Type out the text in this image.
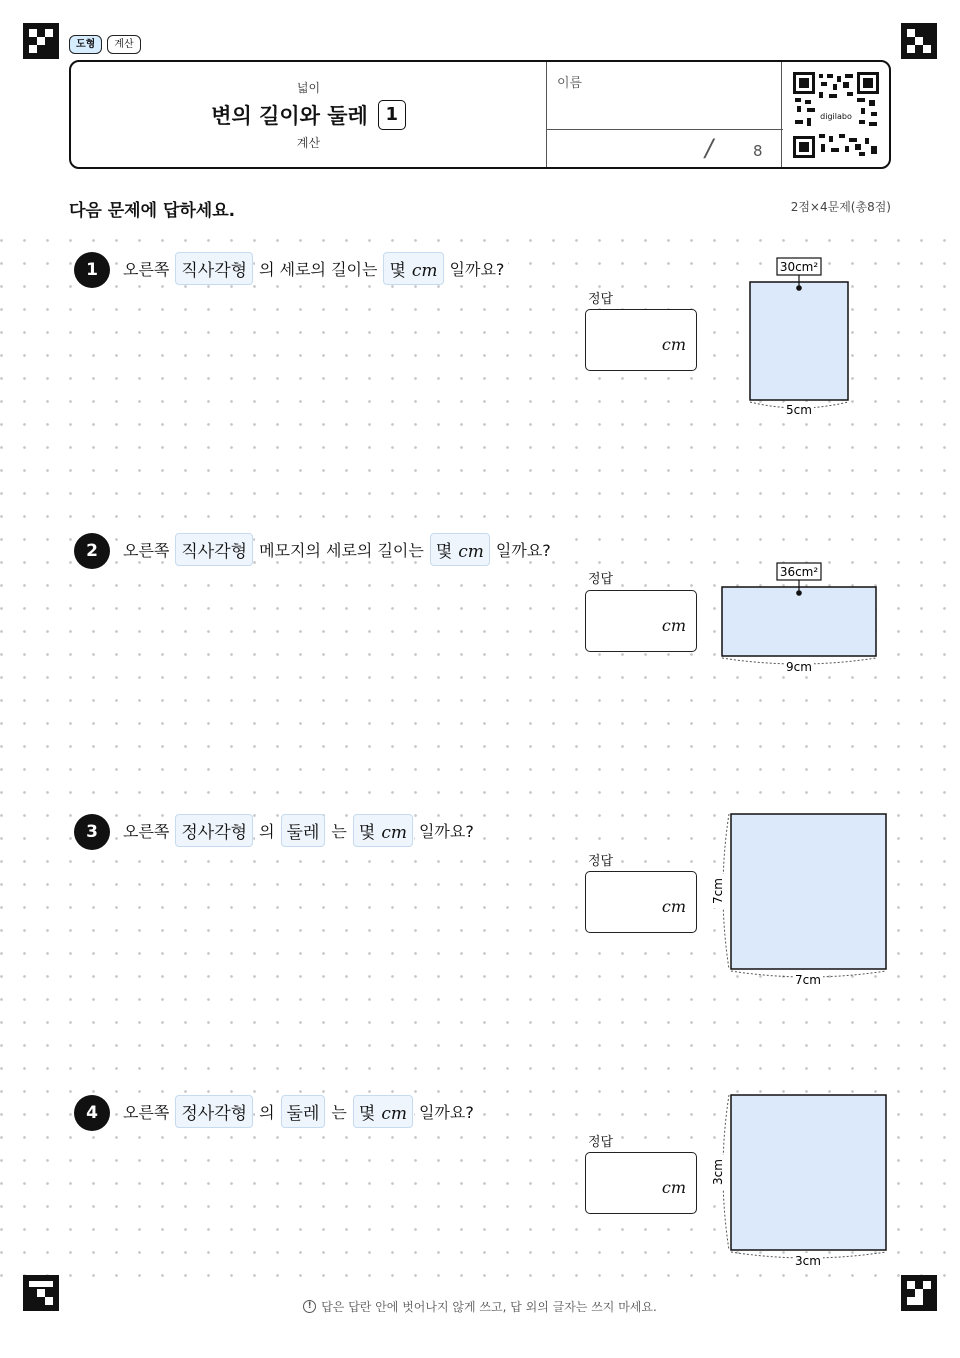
도형	계산
넓이
변의 길이와 둘레 1
계산
이름
/	8
digilabo
다음 문제에 답하세요.	2점×4문제(총8점)
1	오른쪽 직사각형 의 세로의 길이는 몇 cm 일까요?
정답
cm
30cm²
5cm
2	오른쪽 직사각형 메모지의 세로의 길이는 몇 cm 일까요?
정답
cm
36cm²
9cm
3	오른쪽 정사각형 의 둘레 는 몇 cm 일까요?
정답
cm
7cm
7cm
4	오른쪽 정사각형 의 둘레 는 몇 cm 일까요?
정답
cm
3cm
3cm
! 답은 답란 안에 벗어나지 않게 쓰고, 답 외의 글자는 쓰지 마세요.
